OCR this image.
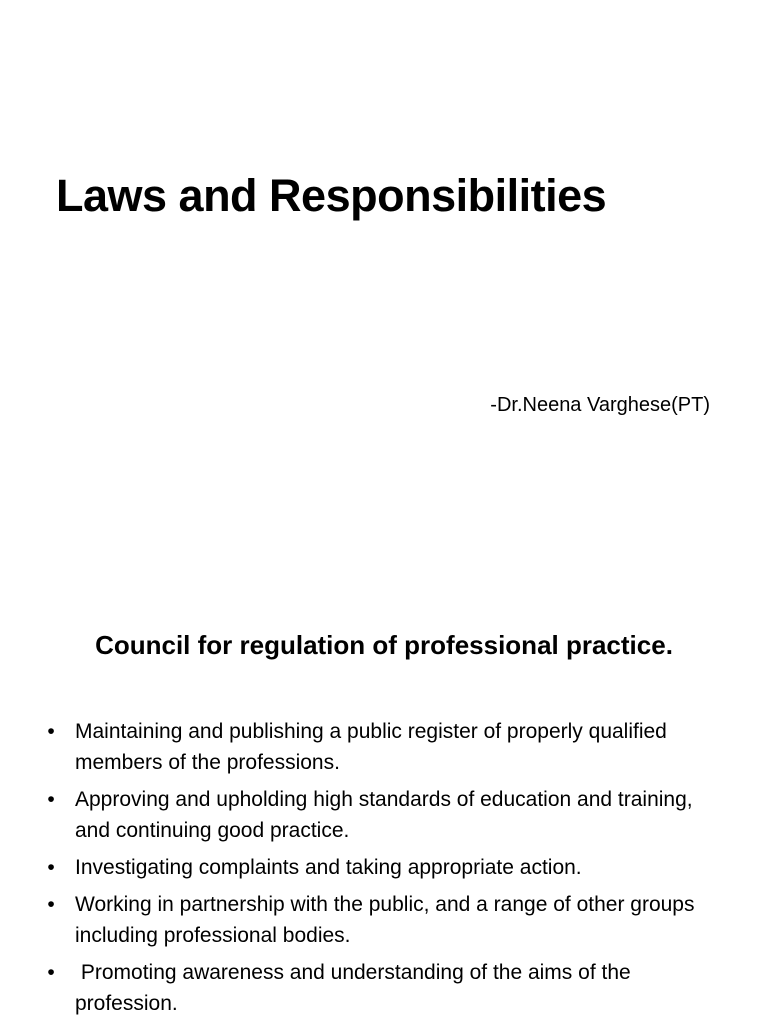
Laws and Responsibilities

-Dr.Neena Varghese(PT)

Council for regulation of professional practice.
• Maintaining and publishing a public register of properly qualified members of the professions.
• Approving and upholding high standards of education and training, and continuing good practice.
• Investigating complaints and taking appropriate action.
• Working in partnership with the public, and a range of other groups including professional bodies.
• Promoting awareness and understanding of the aims of the profession.
